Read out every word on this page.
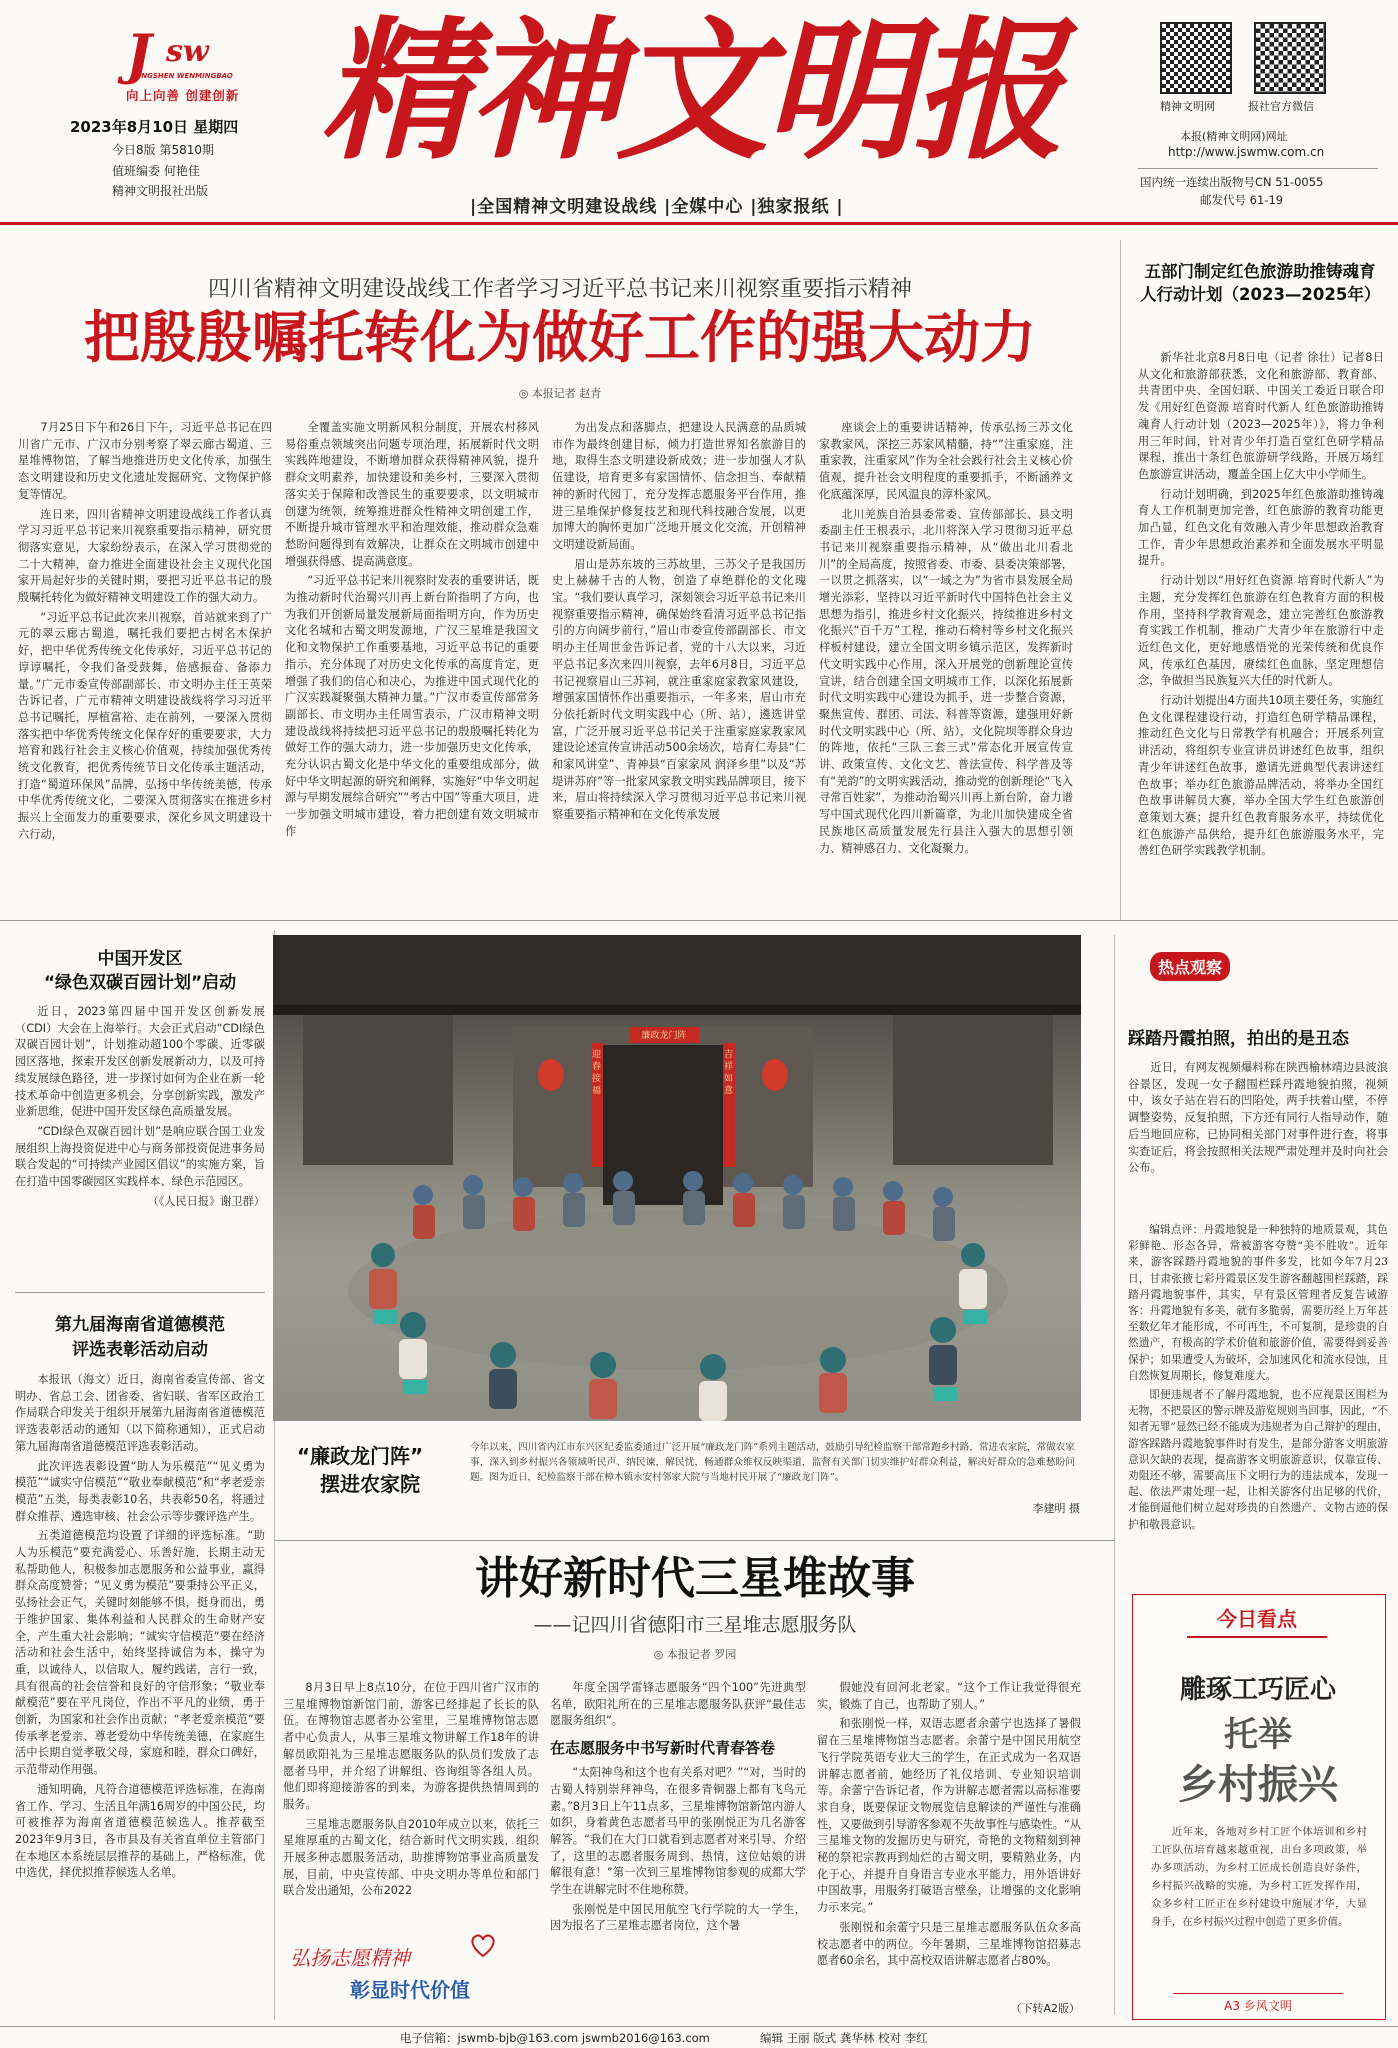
J sw
JINGSHEN WENMINGBAO
向上向善 创建创新
2023年8月10日 星期四
今日8版 第5810期
值班编委 何艳佳
精神文明报社出版
精神文明报	精神文明网	报社官方微信
本报(精神文明网)网址
http://www.jswmw.com.cn
国内统一连续出版物号CN 51-0055
邮发代号 61-19
|全国精神文明建设战线 |全媒中心 |独家报纸 |
四川省精神文明建设战线工作者学习习近平总书记来川视察重要指示精神
把殷殷嘱托转化为做好工作的强大动力
◎ 本报记者 赵青

7月25日下午和26日下午，习近平总书记在四川省广元市、广汉市分别考察了翠云廊古蜀道、三星堆博物馆，了解当地推进历史文化传承，加强生态文明建设和历史文化遗址发掘研究、文物保护修复等情况。

连日来，四川省精神文明建设战线工作者认真学习习近平总书记来川视察重要指示精神，研究贯彻落实意见，大家纷纷表示，在深入学习贯彻党的二十大精神，奋力推进全面建设社会主义现代化国家开局起好步的关键时期，要把习近平总书记的殷殷嘱托转化为做好精神文明建设工作的强大动力。

“习近平总书记此次来川视察，首站就来到了广元的翠云廊古蜀道，嘱托我们要把古树名木保护好，把中华优秀传统文化传承好，习近平总书记的谆谆嘱托，令我们备受鼓舞，倍感振奋、备添力量。”广元市委宣传部副部长、市文明办主任王英荣告诉记者，广元市精神文明建设战线将学习习近平总书记嘱托，厚植富裕、走在前列，一要深入贯彻落实把中华优秀传统文化保存好的重要要求，大力培育和践行社会主义核心价值观，持续加强优秀传统文化教育，把优秀传统节日文化传承主题活动，打造“蜀道环保风”品牌，弘扬中华传统美德，传承中华优秀传统文化，二要深入贯彻落实在推进乡村振兴上全面发力的重要要求，深化乡风文明建设十六行动，

全覆盖实施文明新风积分制度，开展农村移风易俗重点领域突出问题专项治理，拓展新时代文明实践阵地建设，不断增加群众获得精神风貌，提升群众文明素养，加快建设和美乡村，三要深入贯彻落实关于保障和改善民生的重要要求，以文明城市创建为统领，统筹推进群众性精神文明创建工作，不断提升城市管理水平和治理效能，推动群众急难愁盼问题得到有效解决，让群众在文明城市创建中增强获得感、提高满意度。

“习近平总书记来川视察时发表的重要讲话，既为推动新时代治蜀兴川再上新台阶指明了方向，也为我们开创新局量发展新局面指明方向，作为历史文化名城和古蜀文明发源地，广汉三星堆是我国文化和文物保护工作重要基地，习近平总书记的重要指示，充分体现了对历史文化传承的高度肯定，更增强了我们的信心和决心，为推进中国式现代化的广汉实践凝聚强大精神力量。”广汉市委宣传部常务副部长、市文明办主任周雪表示，广汉市精神文明建设战线将持续把习近平总书记的殷殷嘱托转化为做好工作的强大动力，进一步加强历史文化传承，充分认识古蜀文化是中华文化的重要组成部分，做好中华文明起源的研究和阐释，实施好“中华文明起源与早期发展综合研究”“考古中国”等重大项目，进一步加强文明城市建设，着力把创建有效文明城市作

为出发点和落脚点，把建设人民满意的品质城市作为最终创建目标，倾力打造世界知名旅游目的地，取得生态文明建设新成效；进一步加强人才队伍建设，培育更多有家国情怀、信念担当、奉献精神的新时代园丁，充分发挥志愿服务平台作用，推进三星堆保护修复技艺和现代科技融合发展，以更加博大的胸怀更加广泛地开展文化交流，开创精神文明建设新局面。

眉山是苏东坡的三苏故里，三苏父子是我国历史上赫赫千古的人物，创造了卓绝群伦的文化瑰宝。“我们要认真学习，深刻领会习近平总书记来川视察重要指示精神，确保始终看清习近平总书记指引的方向阔步前行，”眉山市委宣传部副部长、市文明办主任周世金告诉记者，党的十八大以来，习近平总书记多次来四川视察，去年6月8日，习近平总书记视察眉山三苏祠，就注重家庭家教家风建设，增强家国情怀作出重要指示，一年多来，眉山市充分依托新时代文明实践中心（所、站），遴选讲堂富，广泛开展习近平总书记关于注重家庭家教家风建设论述宣传宣讲活动500余场次，培育仁寿县“仁和家风讲堂”、青神县“百家家风 润泽乡里”以及“苏堤讲苏府”等一批家风家教文明实践品牌项目，接下来，眉山将持续深入学习贯彻习近平总书记来川视察重要指示精神和在文化传承发展

座谈会上的重要讲话精神，传承弘扬三苏文化家教家风，深挖三苏家风精髓，持“”注重家庭，注重家教，注重家风”作为全社会践行社会主义核心价值观，提升社会文明程度的重要抓手，不断涵养文化底蕴深厚，民风温良的淳朴家风。

北川羌族自治县委常委、宣传部部长、县文明委副主任王根表示，北川将深入学习贯彻习近平总书记来川视察重要指示精神，从“做出北川看北川”的全局高度，按照省委、市委、县委决策部署，一以贯之抓落实，以“一域之为”为省市县发展全局增光添彩，坚持以习近平新时代中国特色社会主义思想为指引，推进乡村文化振兴，持续推进乡村文化振兴“百千万”工程，推动石椅村等乡村文化振兴样板村建设，建立全国文明乡镇示范区，发挥新时代文明实践中心作用，深入开展党的创新理论宣传宣讲，结合创建全国文明城市工作，以深化拓展新时代文明实践中心建设为抓手，进一步整合资源，聚焦宣传、群团、司法、科普等资源，建强用好新时代文明实践中心（所、站），文化院坝等群众身边的阵地，依托“三队三套三式”常态化开展宣传宣讲、政策宣传、文化文艺、普法宣传、科学普及等有“羌韵”的文明实践活动，推动党的创新理论“飞入寻常百姓家”，为推动治蜀兴川再上新台阶，奋力谱写中国式现代化四川新篇章，为北川加快建成全省民族地区高质量发展先行县注入强大的思想引领力、精神感召力、文化凝聚力。

五部门制定红色旅游助推铸魂育人行动计划（2023—2025年）

新华社北京8月8日电（记者 徐壮）记者8日从文化和旅游部获悉，文化和旅游部、教育部、共青团中央、全国妇联、中国关工委近日联合印发《用好红色资源 培育时代新人 红色旅游助推铸魂育人行动计划（2023—2025年）》，将力争利用三年时间，针对青少年打造百堂红色研学精品课程，推出十条红色旅游研学线路，开展万场红色旅游宣讲活动，覆盖全国上亿大中小学师生。

行动计划明确，到2025年红色旅游助推铸魂育人工作机制更加完善，红色旅游的教育功能更加凸显，红色文化有效融入青少年思想政治教育工作，青少年思想政治素养和全面发展水平明显提升。

行动计划以“用好红色资源 培育时代新人”为主题，充分发挥红色旅游在红色教育方面的积极作用，坚持科学教育观念，建立完善红色旅游教育实践工作机制，推动广大青少年在旅游行中走近红色文化，更好地感悟党的光荣传统和优良作风，传承红色基因，赓续红色血脉，坚定理想信念，争做担当民族复兴大任的时代新人。

行动计划提出4方面共10项主要任务，实施红色文化课程建设行动，打造红色研学精品课程，推动红色文化与日常教学有机融合；开展系列宣讲活动，将组织专业宣讲员讲述红色故事，组织青少年讲述红色故事，邀请先进典型代表讲述红色故事；举办红色旅游品牌活动，将举办全国红色故事讲解员大赛，举办全国大学生红色旅游创意策划大赛；提升红色教育服务水平，持续优化红色旅游产品供给，提升红色旅游服务水平，完善红色研学实践教学机制。

中国开发区
“绿色双碳百园计划”启动

近日，2023第四届中国开发区创新发展（CDI）大会在上海举行。大会正式启动“CDI绿色双碳百园计划”，计划推动超100个零碳、近零碳园区落地，探索开发区创新发展新动力，以及可持续发展绿色路径，进一步探讨如何为企业在新一轮技术革命中创造更多机会，分享创新实践，激发产业新思维，促进中国开发区绿色高质量发展。

“CDI绿色双碳百园计划”是响应联合国工业发展组织上海投资促进中心与商务部投资促进事务局联合发起的“可持续产业园区倡议”的实施方案，旨在打造中国零碳园区实践样本、绿色示范园区。

（《人民日报》谢卫群）

第九届海南省道德模范
评选表彰活动启动

本报讯（海文）近日，海南省委宣传部、省文明办、省总工会、团省委、省妇联、省军区政治工作局联合印发关于组织开展第九届海南省道德模范评选表彰活动的通知（以下简称通知），正式启动第九届海南省道德模范评选表彰活动。

此次评选表彰设置“助人为乐模范”“见义勇为模范”“诚实守信模范”“敬业奉献模范”和“孝老爱亲模范”五类，每类表彰10名，共表彰50名，将通过群众推荐、遴选审核、社会公示等步骤评选产生。

五类道德模范均设置了详细的评选标准。“助人为乐模范”要充满爱心、乐善好施，长期主动无私帮助他人，积极参加志愿服务和公益事业，赢得群众高度赞誉；“见义勇为模范”要秉持公平正义，弘扬社会正气，关键时刻能够不惧，挺身而出，勇于维护国家、集体利益和人民群众的生命财产安全，产生重大社会影响；“诚实守信模范”要在经济活动和社会生活中，始终坚持诚信为本，操守为重，以诚待人，以信取人，履约践诺，言行一致，具有很高的社会信誉和良好的守信形象；“敬业奉献模范”要在平凡岗位，作出不平凡的业绩，勇于创新，为国家和社会作出贡献；“孝老爱亲模范”要传承孝老爱亲、尊老爱幼中华传统美德，在家庭生活中长期自觉孝敬父母，家庭和睦，群众口碑好，示范带动作用强。

通知明确，凡符合道德模范评选标准，在海南省工作、学习、生活且年满16周岁的中国公民，均可被推荐为海南省道德模范候选人。推荐截至2023年9月3日，各市县及有关省直单位主管部门在本地区本系统层层推荐的基础上，严格标准，优中选优，择优拟推荐候选人名单。

廉政龙门阵
迎春接福
吉祥如意
“廉政龙门阵”
摆进农家院
今年以来，四川省内江市东兴区纪委监委通过广泛开展“廉政龙门阵”系列主题活动，鼓励引导纪检监察干部常跑乡村路，常进农家院，常做农家事，深入到乡村振兴各领域听民声、纳民谏，解民忧，畅通群众维权反映渠道，监督有关部门切实维护好群众利益，解决好群众的急难愁盼问题。图为近日，纪检监察干部在樟木镇永安村邻家大院与当地村民开展了“廉政龙门阵”。
李建明 摄
热点观察
踩踏丹霞拍照，拍出的是丑态

近日，有网友视频爆料称在陕西榆林靖边县波浪谷景区，发现一女子翻围栏踩丹霞地貌拍照，视频中，该女子站在岩石的凹陷处，两手扶着山壁，不停调整姿势，反复拍照，下方还有同行人指导动作，随后当地回应称，已协同相关部门对事件进行查，将事实查证后，将会按照相关法规严肃处理并及时向社会公布。

编辑点评：丹霞地貌是一种独特的地质景观，其色彩鲜艳、形态各异，常被游客夸赞“美不胜收”。近年来，游客踩踏丹霞地貌的事件多发，比如今年7月23日，甘肃张掖七彩丹霞景区发生游客翻越围栏踩踏，踩踏丹霞地貌事件，其实，早有景区管理者反复告诫游客：丹霞地貌有多美，就有多脆弱，需要历经上万年甚至数亿年才能形成，不可再生，不可复制，是珍贵的自然遗产，有极高的学术价值和旅游价值，需要得到妥善保护；如果遭受人为破坏，会加速风化和流水侵蚀，且自然恢复周期长，修复难度大。

即便违规者不了解丹霞地貌，也不应视景区围栏为无物，不把景区的警示牌及游览规则当回事，因此，“不知者无罪”显然已经不能成为违规者为自己辩护的理由，游客踩踏丹霞地貌事件时有发生，是部分游客文明旅游意识欠缺的表现，提高游客文明旅游意识，仅靠宣传、劝阻还不够，需要高压下文明行为的违法成本，发现一起、依法严肃处理一起，让相关游客付出足够的代价，才能倒逼他们树立起对珍贵的自然遗产、文物古迹的保护和敬畏意识。

今日看点
雕琢工巧匠心
托举
乡村振兴
近年来，各地对乡村工匠个体培训和乡村工匠队伍培育越来越重视，出台多项政策，举办多项活动，为乡村工匠成长创造良好条件，乡村振兴战略的实施，为乡村工匠发挥作用，众多乡村工匠正在乡村建设中施展才华，大显身手，在乡村振兴过程中创造了更多价值。
A3 乡风文明
讲好新时代三星堆故事
——记四川省德阳市三星堆志愿服务队
◎ 本报记者 罗园

8月3日早上8点10分，在位于四川省广汉市的三星堆博物馆新馆门前，游客已经排起了长长的队伍。在博物馆志愿者办公室里，三星堆博物馆志愿者中心负责人，从事三星堆文物讲解工作18年的讲解员欧阳礼为三星堆志愿服务队的队员们发放了志愿者马甲，并介绍了讲解组、咨询组等各组人员。他们即将迎接游客的到来，为游客提供热情周到的服务。

三星堆志愿服务队自2010年成立以来，依托三星堆厚重的古蜀文化，结合新时代文明实践，组织开展多种志愿服务活动，助推博物馆事业高质量发展，目前，中央宣传部、中央文明办等单位和部门联合发出通知，公布2022

年度全国学雷锋志愿服务“四个100”先进典型名单，欧阳礼所在的三星堆志愿服务队获评“最佳志愿服务组织”。

在志愿服务中书写新时代青春答卷

“太阳神鸟和这个也有关系对吧？”“对，当时的古蜀人特别崇拜神鸟，在很多青铜器上都有飞鸟元素。”8月3日上午11点多，三星堆博物馆新馆内游人如织，身着黄色志愿者马甲的张刚悦正为几名游客解答。“我们在大门口就看到志愿者对来引导、介绍了，这里的志愿者服务周到、热情，这位姑娘的讲解很有意！”第一次到三星堆博物馆参观的成都大学学生在讲解完时不住地称赞。

张刚悦是中国民用航空飞行学院的大一学生，因为报名了三星堆志愿者岗位，这个暑

假她没有回河北老家。“这个工作让我觉得很充实，锻炼了自己，也帮助了别人。”

和张刚悦一样，双语志愿者余蕾宁也选择了暑假留在三星堆博物馆当志愿者。余蕾宁是中国民用航空飞行学院英语专业大三的学生，在正式成为一名双语讲解志愿者前，她经历了礼仪培训、专业知识培训等。余蕾宁告诉记者，作为讲解志愿者需以高标准要求自身，既要保证文物展览信息解读的严谨性与准确性，又要做到引导游客参观不失故事性与感染性。“从三星堆文物的发掘历史与研究，奇艳的文物精刻到神秘的祭祀宗教再到灿烂的古蜀文明，要精熟业务，内化于心，并提升自身语言专业水平能力，用外语讲好中国故事，用服务打破语言壁垒，让增强的文化影响力示来完。”

张刚悦和余蕾宁只是三星堆志愿服务队伍众多高校志愿者中的两位。今年暑期，三星堆博物馆招募志愿者60余名，其中高校双语讲解志愿者占80%。

（下转A2版）
弘扬志愿精神
彰显时代价值
电子信箱：jswmb-bjb@163.com jswmb2016@163.com	编辑 王丽 版式 龚华林 校对 李红
